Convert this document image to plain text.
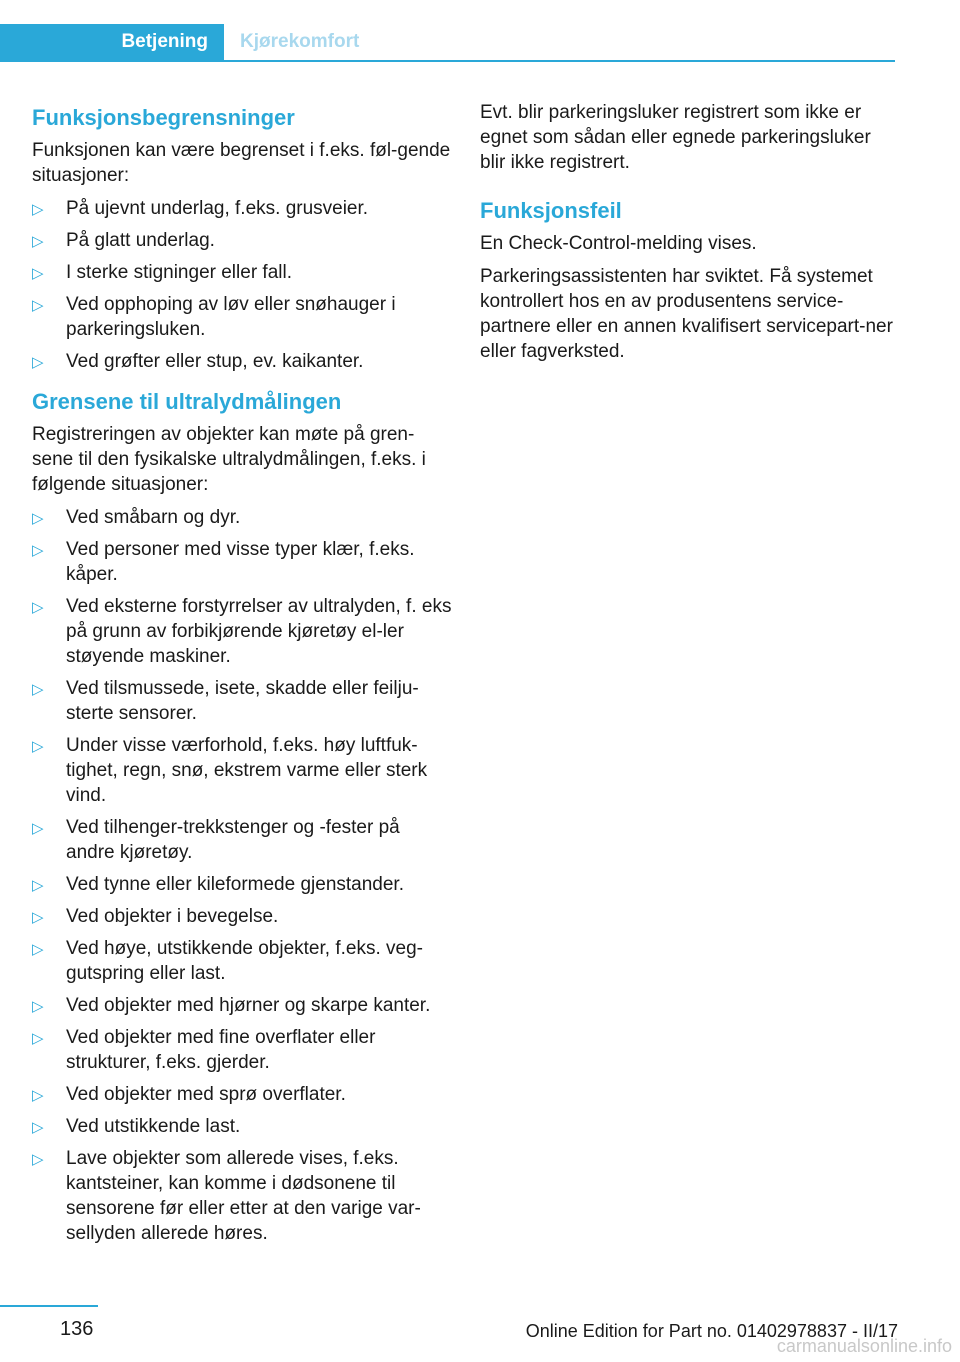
Betjening Kjørekomfort
Funksjonsbegrensninger

Funksjonen kan være begrenset i f.eks. føl-gende situasjoner:

▷ På ujevnt underlag, f.eks. grusveier.
▷ På glatt underlag.
▷ I sterke stigninger eller fall.
▷ Ved opphoping av løv eller snøhauger i parkeringsluken.
▷ Ved grøfter eller stup, ev. kaikanter.
Grensene til ultralydmålingen

Registreringen av objekter kan møte på gren-sene til den fysikalske ultralydmålingen, f.eks. i følgende situasjoner:

▷ Ved småbarn og dyr.
▷ Ved personer med visse typer klær, f.eks. kåper.
▷ Ved eksterne forstyrrelser av ultralyden, f. eks på grunn av forbikjørende kjøretøy el-ler støyende maskiner.
▷ Ved tilsmussede, isete, skadde eller feilju-sterte sensorer.
▷ Under visse værforhold, f.eks. høy luftfuk-tighet, regn, snø, ekstrem varme eller sterk vind.
▷ Ved tilhenger-trekkstenger og -fester på andre kjøretøy.
▷ Ved tynne eller kileformede gjenstander.
▷ Ved objekter i bevegelse.
▷ Ved høye, utstikkende objekter, f.eks. veg-gutspring eller last.
▷ Ved objekter med hjørner og skarpe kanter.
▷ Ved objekter med fine overflater eller strukturer, f.eks. gjerder.
▷ Ved objekter med sprø overflater.
▷ Ved utstikkende last.
▷ Lave objekter som allerede vises, f.eks. kantsteiner, kan komme i dødsonene til sensorene før eller etter at den varige var-sellyden allerede høres.

Evt. blir parkeringsluker registrert som ikke er egnet som sådan eller egnede parkeringsluker blir ikke registrert.

Funksjonsfeil

En Check-Control-melding vises.

Parkeringsassistenten har sviktet. Få systemet kontrollert hos en av produsentens service-partnere eller en annen kvalifisert servicepart-ner eller fagverksted.

136	Online Edition for Part no. 01402978837 - II/17
carmanualsonline.info
